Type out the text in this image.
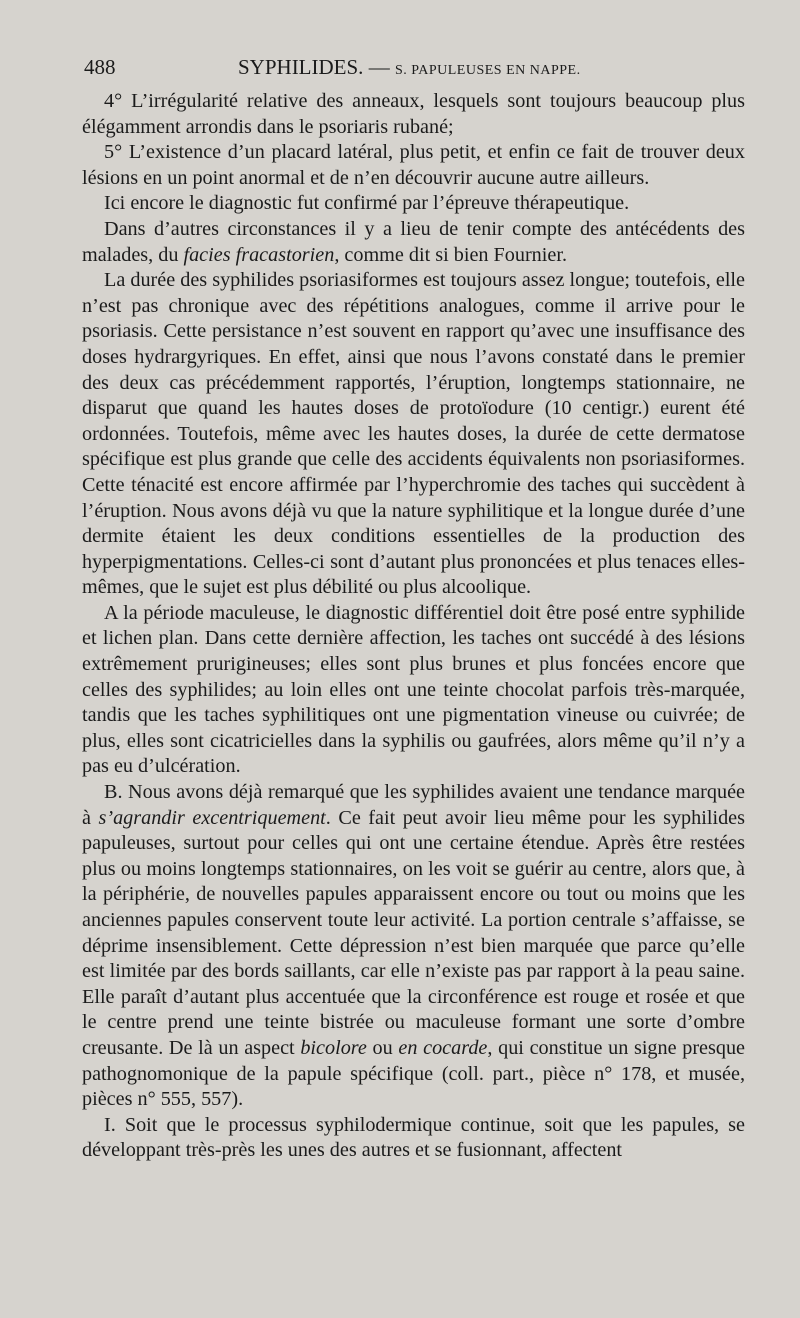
488	SYPHILIDES. — S. PAPULEUSES EN NAPPE.

4° L’irrégularité relative des anneaux, lesquels sont toujours beaucoup plus élégamment arrondis dans le psoriaris rubané;

5° L’existence d’un placard latéral, plus petit, et enfin ce fait de trouver deux lésions en un point anormal et de n’en découvrir aucune autre ailleurs.

Ici encore le diagnostic fut confirmé par l’épreuve thérapeutique.

Dans d’autres circonstances il y a lieu de tenir compte des antécédents des malades, du facies fracastorien, comme dit si bien Fournier.

La durée des syphilides psoriasiformes est toujours assez longue; toutefois, elle n’est pas chronique avec des répétitions analogues, comme il arrive pour le psoriasis. Cette persistance n’est souvent en rapport qu’avec une insuffisance des doses hydrargyriques. En effet, ainsi que nous l’avons constaté dans le premier des deux cas précédemment rapportés, l’éruption, longtemps stationnaire, ne disparut que quand les hautes doses de protoïodure (10 centigr.) eurent été ordonnées. Toutefois, même avec les hautes doses, la durée de cette dermatose spécifique est plus grande que celle des accidents équivalents non psoriasiformes. Cette ténacité est encore affirmée par l’hyperchromie des taches qui succèdent à l’éruption. Nous avons déjà vu que la nature syphilitique et la longue durée d’une dermite étaient les deux conditions essentielles de la production des hyperpigmentations. Celles-ci sont d’autant plus prononcées et plus tenaces elles-mêmes, que le sujet est plus débilité ou plus alcoolique.

A la période maculeuse, le diagnostic différentiel doit être posé entre syphilide et lichen plan. Dans cette dernière affection, les taches ont succédé à des lésions extrêmement prurigineuses; elles sont plus brunes et plus foncées encore que celles des syphilides; au loin elles ont une teinte chocolat parfois très-marquée, tandis que les taches syphilitiques ont une pigmentation vineuse ou cuivrée; de plus, elles sont cicatricielles dans la syphilis ou gaufrées, alors même qu’il n’y a pas eu d’ulcération.

B. Nous avons déjà remarqué que les syphilides avaient une tendance marquée à s’agrandir excentriquement. Ce fait peut avoir lieu même pour les syphilides papuleuses, surtout pour celles qui ont une certaine étendue. Après être restées plus ou moins longtemps stationnaires, on les voit se guérir au centre, alors que, à la périphérie, de nouvelles papules apparaissent encore ou tout ou moins que les anciennes papules conservent toute leur activité. La portion centrale s’affaisse, se déprime insensiblement. Cette dépression n’est bien marquée que parce qu’elle est limitée par des bords saillants, car elle n’existe pas par rapport à la peau saine. Elle paraît d’autant plus accentuée que la circonférence est rouge et rosée et que le centre prend une teinte bistrée ou maculeuse formant une sorte d’ombre creusante. De là un aspect bicolore ou en cocarde, qui constitue un signe presque pathognomonique de la papule spécifique (coll. part., pièce n° 178, et musée, pièces n° 555, 557).

I. Soit que le processus syphilodermique continue, soit que les papules, se développant très-près les unes des autres et se fusionnant, affectent
